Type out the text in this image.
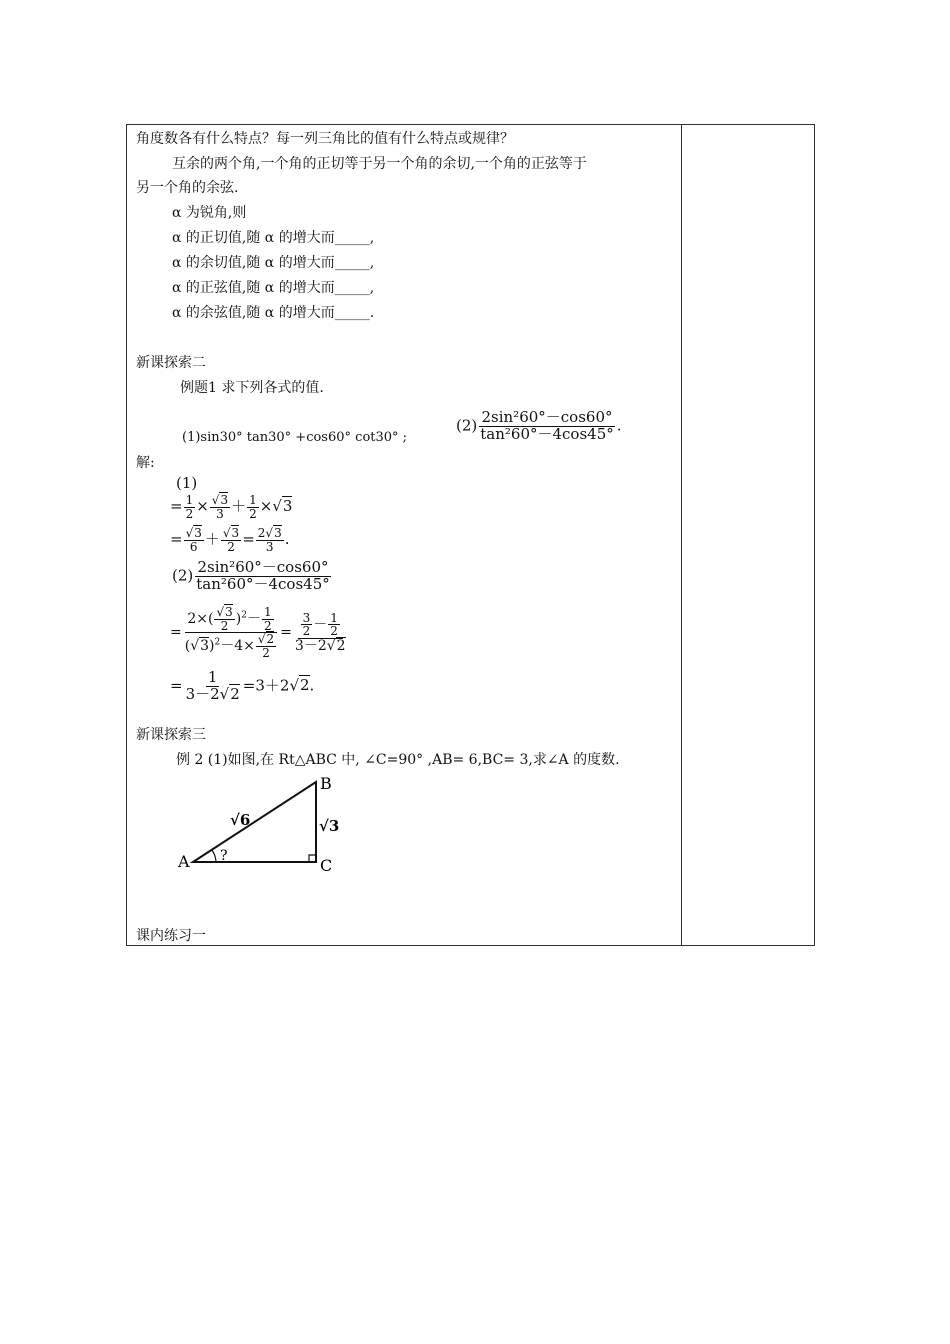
角度数各有什么特点？每一列三角比的值有什么特点或规律？
互余的两个角,一个角的正切等于另一个角的余切,一个角的正弦等于
另一个角的余弦.
α 为锐角,则
α 的正切值,随 α 的增大而_____,
α 的余切值,随 α 的增大而_____,
α 的正弦值,随 α 的增大而_____,
α 的余弦值,随 α 的增大而_____.
新课探索二
例题1 求下列各式的值.
(1)sin30° tan30° +cos60° cot30° ;
$(2) \frac{\text{2sin²60°－cos60°}}{\text{tan²60°－4cos45°}}$ .
解:
(1)
= $\frac{1}{2} \times \frac{√3}{3} + \frac{1}{2} \times√3$
= $\frac{√3}{6} + \frac{√3}{2} = \frac{2√3}{3}$ .
$(2) \frac{\text{2sin²60°－cos60°}}{\text{tan²60°－4cos45°}}$
= $\frac{2\times( \frac{√3}{2} )^2- \frac{1}{2}}{(√3)^2-4\times \frac{√2}{2}} = \frac{\frac{3}{2} - \frac{1}{2}}{3-2√2}$
= $\frac{1}{3-2√2} =3+2√2$.
新课探索三
例 2 (1)如图,在 Rt△ABC 中, ∠C=90° ,AB= 6,BC= 3,求∠A 的度数.
A
B
C
√6	√3
?
课内练习一
